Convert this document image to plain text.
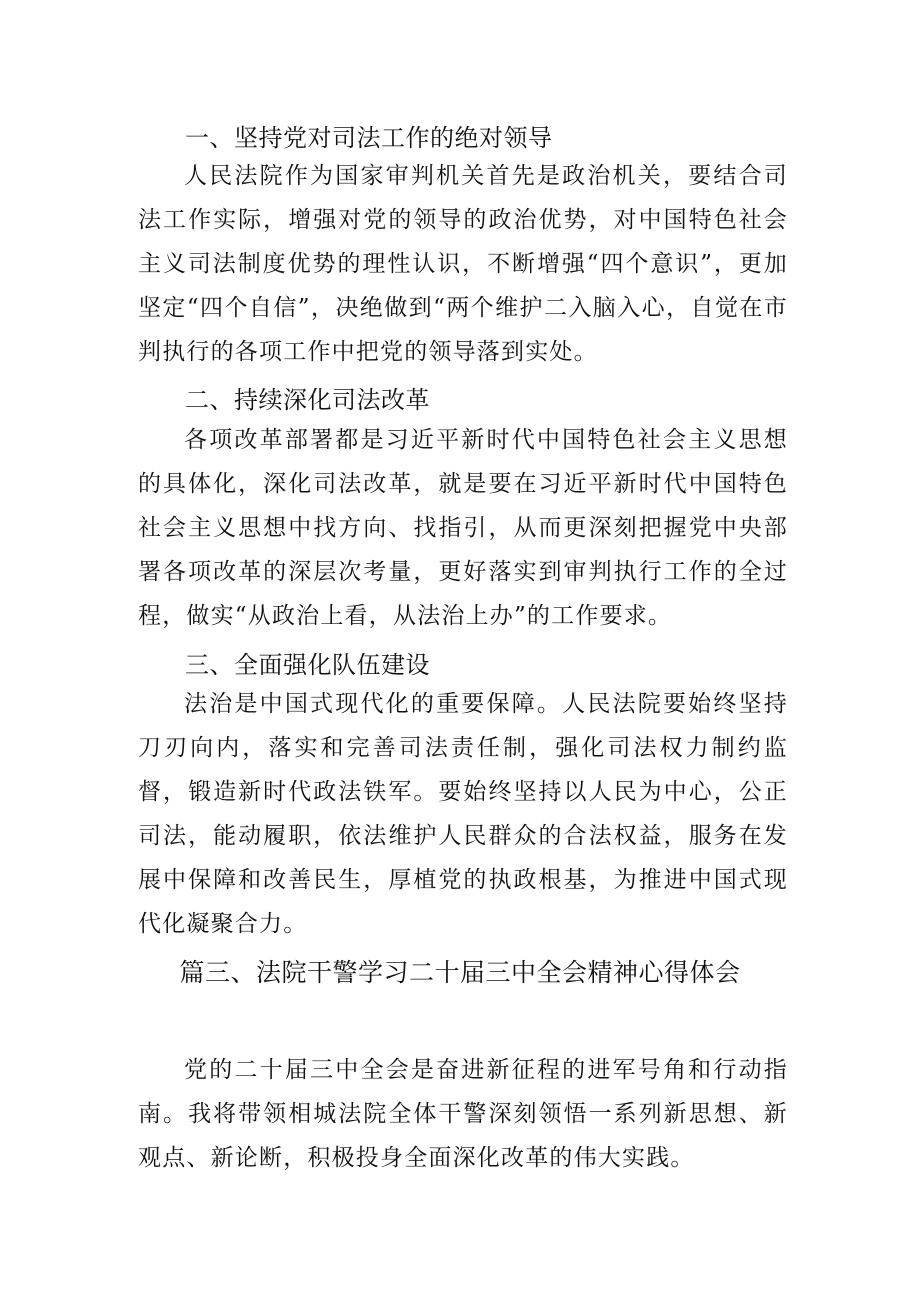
一、坚持党对司法工作的绝对领导

人民法院作为国家审判机关首先是政治机关，要结合司法工作实际，增强对党的领导的政治优势，对中国特色社会主义司法制度优势的理性认识，不断增强“四个意识”，更加坚定“四个自信”，决绝做到“两个维护二入脑入心，自觉在市判执行的各项工作中把党的领导落到实处。

二、持续深化司法改革

各项改革部署都是习近平新时代中国特色社会主义思想的具体化，深化司法改革，就是要在习近平新时代中国特色社会主义思想中找方向、找指引，从而更深刻把握党中央部署各项改革的深层次考量，更好落实到审判执行工作的全过程，做实“从政治上看，从法治上办”的工作要求。

三、全面强化队伍建设

法治是中国式现代化的重要保障。人民法院要始终坚持刀刃向内，落实和完善司法责任制，强化司法权力制约监督，锻造新时代政法铁军。要始终坚持以人民为中心，公正司法，能动履职，依法维护人民群众的合法权益，服务在发展中保障和改善民生，厚植党的执政根基，为推进中国式现代化凝聚合力。

篇三、法院干警学习二十届三中全会精神心得体会

党的二十届三中全会是奋进新征程的进军号角和行动指南。我将带领相城法院全体干警深刻领悟一系列新思想、新观点、新论断，积极投身全面深化改革的伟大实践。
